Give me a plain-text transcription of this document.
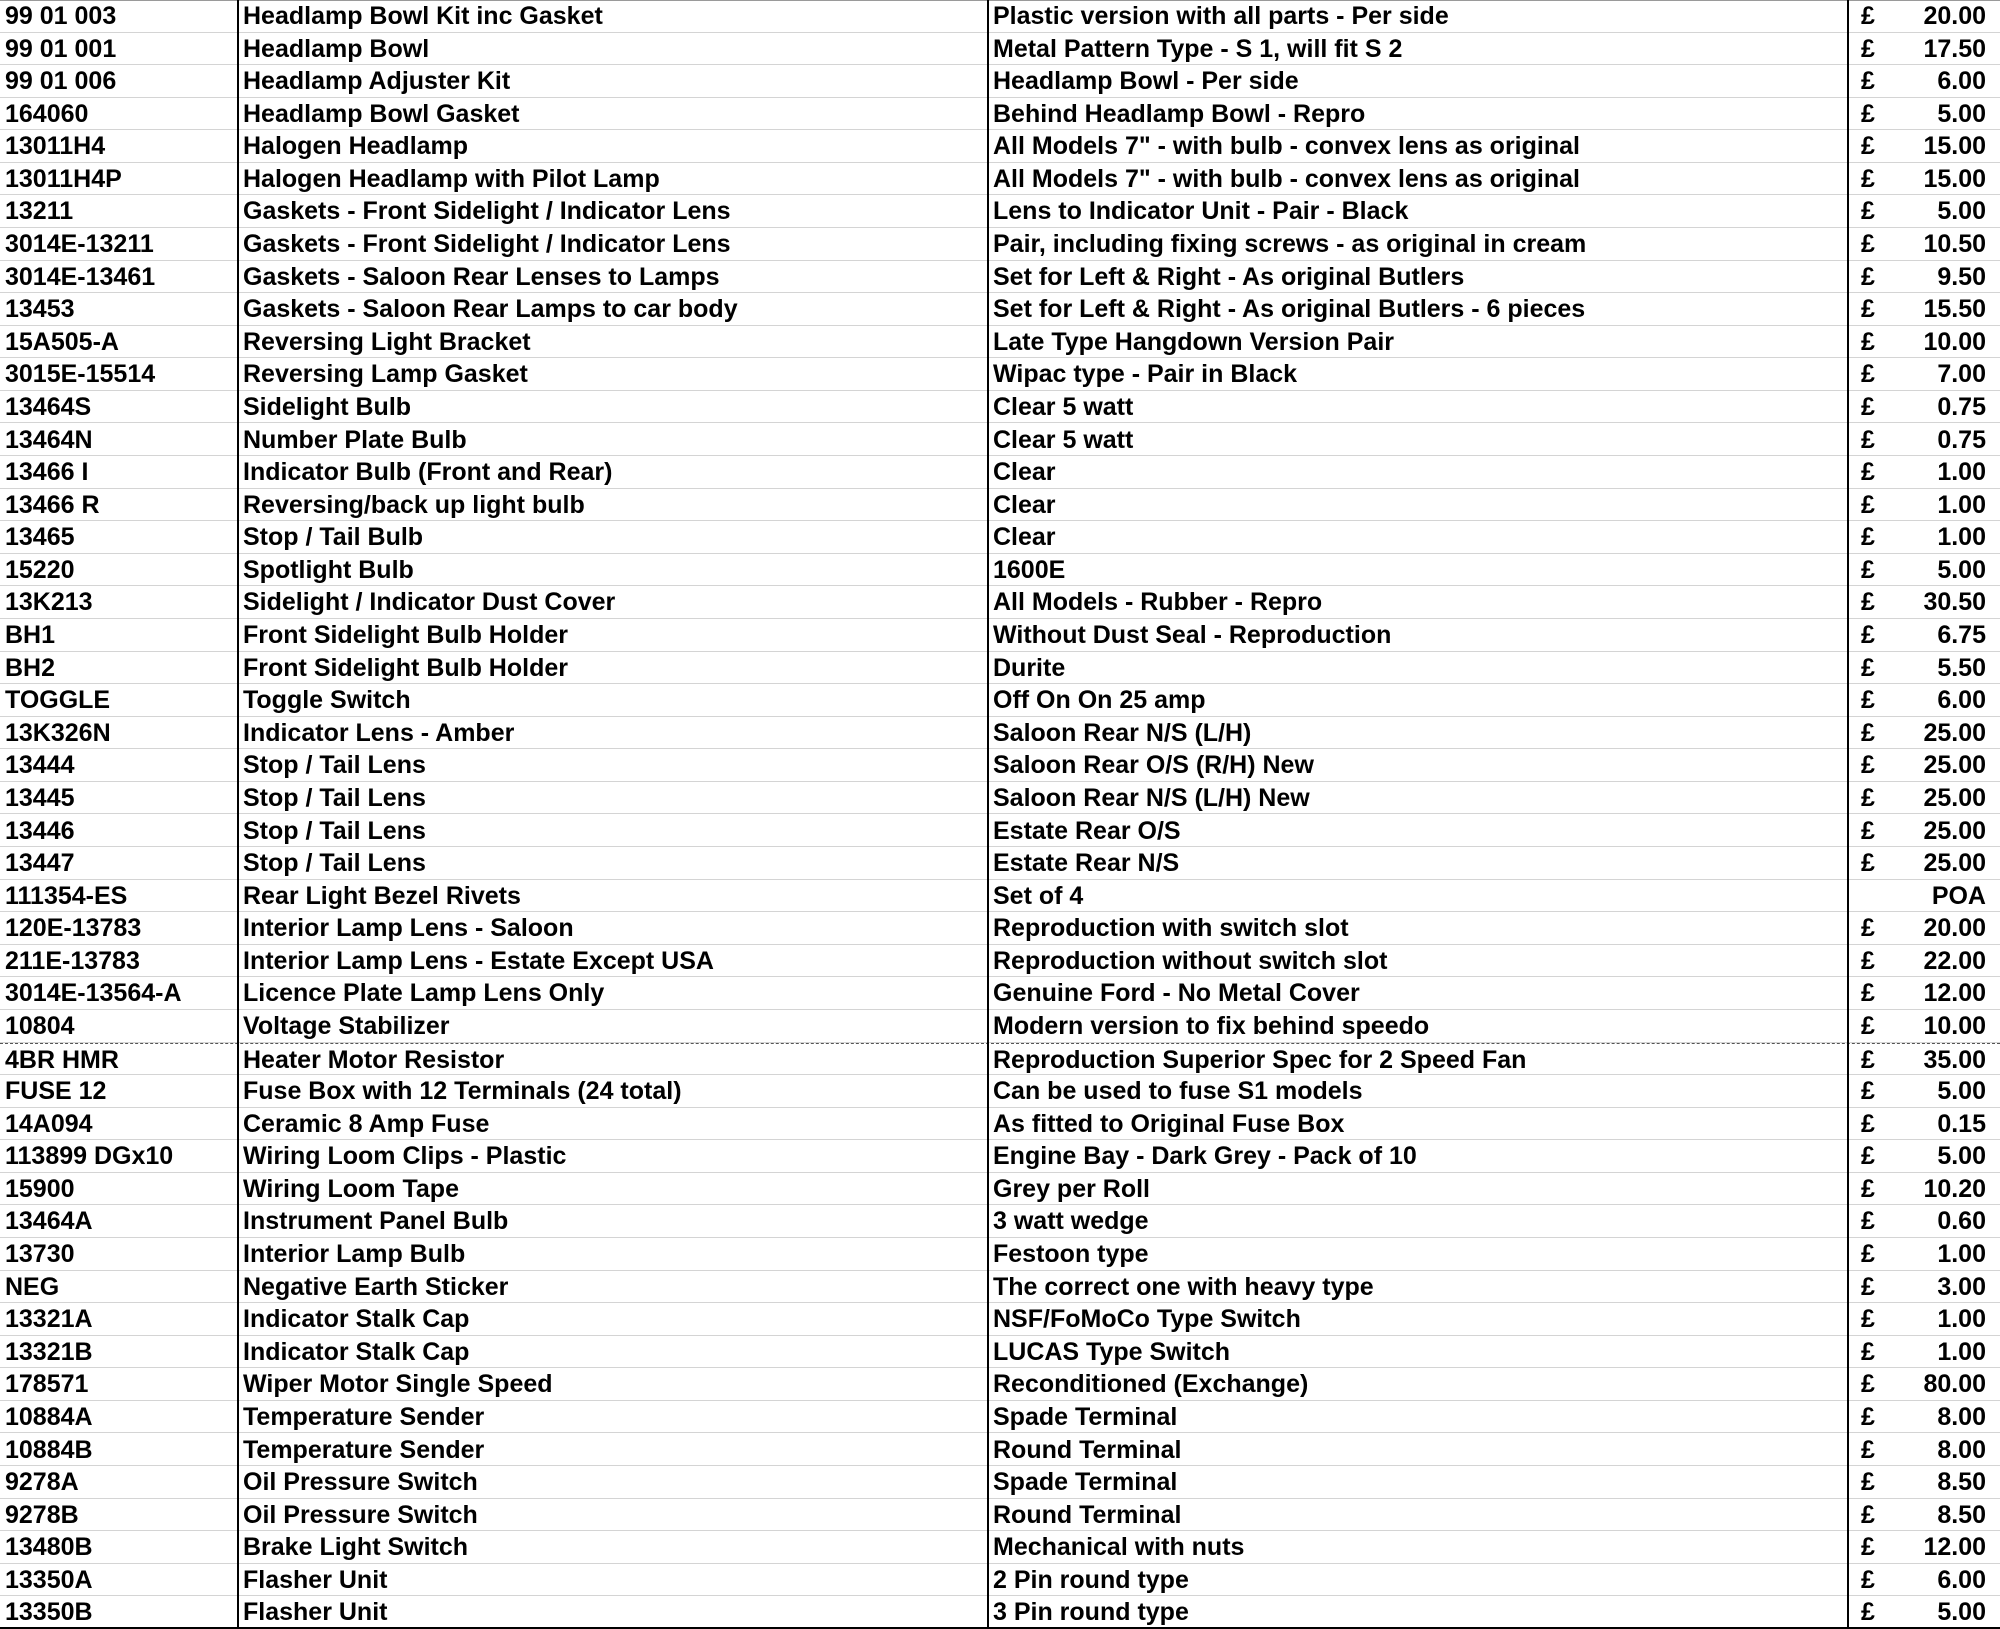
99 01 003	Headlamp Bowl Kit inc Gasket	Plastic version with all parts - Per side	£	20.00
99 01 001	Headlamp Bowl	Metal Pattern Type - S 1, will fit S 2	£	17.50
99 01 006	Headlamp Adjuster Kit	Headlamp Bowl - Per side	£	6.00
164060	Headlamp Bowl Gasket	Behind Headlamp Bowl - Repro	£	5.00
13011H4	Halogen Headlamp	All Models 7" - with bulb - convex lens as original	£	15.00
13011H4P	Halogen Headlamp with Pilot Lamp	All Models 7" - with bulb - convex lens as original	£	15.00
13211	Gaskets - Front Sidelight / Indicator Lens	Lens to Indicator Unit - Pair - Black	£	5.00
3014E-13211	Gaskets - Front Sidelight / Indicator Lens	Pair, including fixing screws - as original in cream	£	10.50
3014E-13461	Gaskets - Saloon Rear Lenses to Lamps	Set for Left & Right - As original Butlers	£	9.50
13453	Gaskets - Saloon Rear Lamps to car body	Set for Left & Right - As original Butlers - 6 pieces	£	15.50
15A505-A	Reversing Light Bracket	Late Type Hangdown Version Pair	£	10.00
3015E-15514	Reversing Lamp Gasket	Wipac type - Pair in Black	£	7.00
13464S	Sidelight Bulb	Clear 5 watt	£	0.75
13464N	Number Plate Bulb	Clear 5 watt	£	0.75
13466 I	Indicator Bulb (Front and Rear)	Clear	£	1.00
13466 R	Reversing/back up light bulb	Clear	£	1.00
13465	Stop / Tail Bulb	Clear	£	1.00
15220	Spotlight Bulb	1600E	£	5.00
13K213	Sidelight / Indicator Dust Cover	All Models - Rubber - Repro	£	30.50
BH1	Front Sidelight Bulb Holder	Without Dust Seal - Reproduction	£	6.75
BH2	Front Sidelight Bulb Holder	Durite	£	5.50
TOGGLE	Toggle Switch	Off On On 25 amp	£	6.00
13K326N	Indicator Lens - Amber	Saloon Rear N/S (L/H)	£	25.00
13444	Stop / Tail Lens	Saloon Rear O/S (R/H) New	£	25.00
13445	Stop / Tail Lens	Saloon Rear N/S (L/H) New	£	25.00
13446	Stop / Tail Lens	Estate Rear O/S	£	25.00
13447	Stop / Tail Lens	Estate Rear N/S	£	25.00
111354-ES	Rear Light Bezel Rivets	Set of 4	POA
120E-13783	Interior Lamp Lens - Saloon	Reproduction with switch slot	£	20.00
211E-13783	Interior Lamp Lens - Estate Except USA	Reproduction without switch slot	£	22.00
3014E-13564-A	Licence Plate Lamp Lens Only	Genuine Ford - No Metal Cover	£	12.00
10804	Voltage Stabilizer	Modern version to fix behind speedo	£	10.00
4BR HMR	Heater Motor Resistor	Reproduction Superior Spec for 2 Speed Fan	£	35.00
FUSE 12	Fuse Box with 12 Terminals (24 total)	Can be used to fuse S1 models	£	5.00
14A094	Ceramic 8 Amp Fuse	As fitted to Original Fuse Box	£	0.15
113899 DGx10	Wiring Loom Clips - Plastic	Engine Bay - Dark Grey - Pack of 10	£	5.00
15900	Wiring Loom Tape	Grey per Roll	£	10.20
13464A	Instrument Panel Bulb	3 watt wedge	£	0.60
13730	Interior Lamp Bulb	Festoon type	£	1.00
NEG	Negative Earth Sticker	The correct one with heavy type	£	3.00
13321A	Indicator Stalk Cap	NSF/FoMoCo Type Switch	£	1.00
13321B	Indicator Stalk Cap	LUCAS Type Switch	£	1.00
178571	Wiper Motor Single Speed	Reconditioned (Exchange)	£	80.00
10884A	Temperature Sender	Spade Terminal	£	8.00
10884B	Temperature Sender	Round Terminal	£	8.00
9278A	Oil Pressure Switch	Spade Terminal	£	8.50
9278B	Oil Pressure Switch	Round Terminal	£	8.50
13480B	Brake Light Switch	Mechanical with nuts	£	12.00
13350A	Flasher Unit	2 Pin round type	£	6.00
13350B	Flasher Unit	3 Pin round type	£	5.00
